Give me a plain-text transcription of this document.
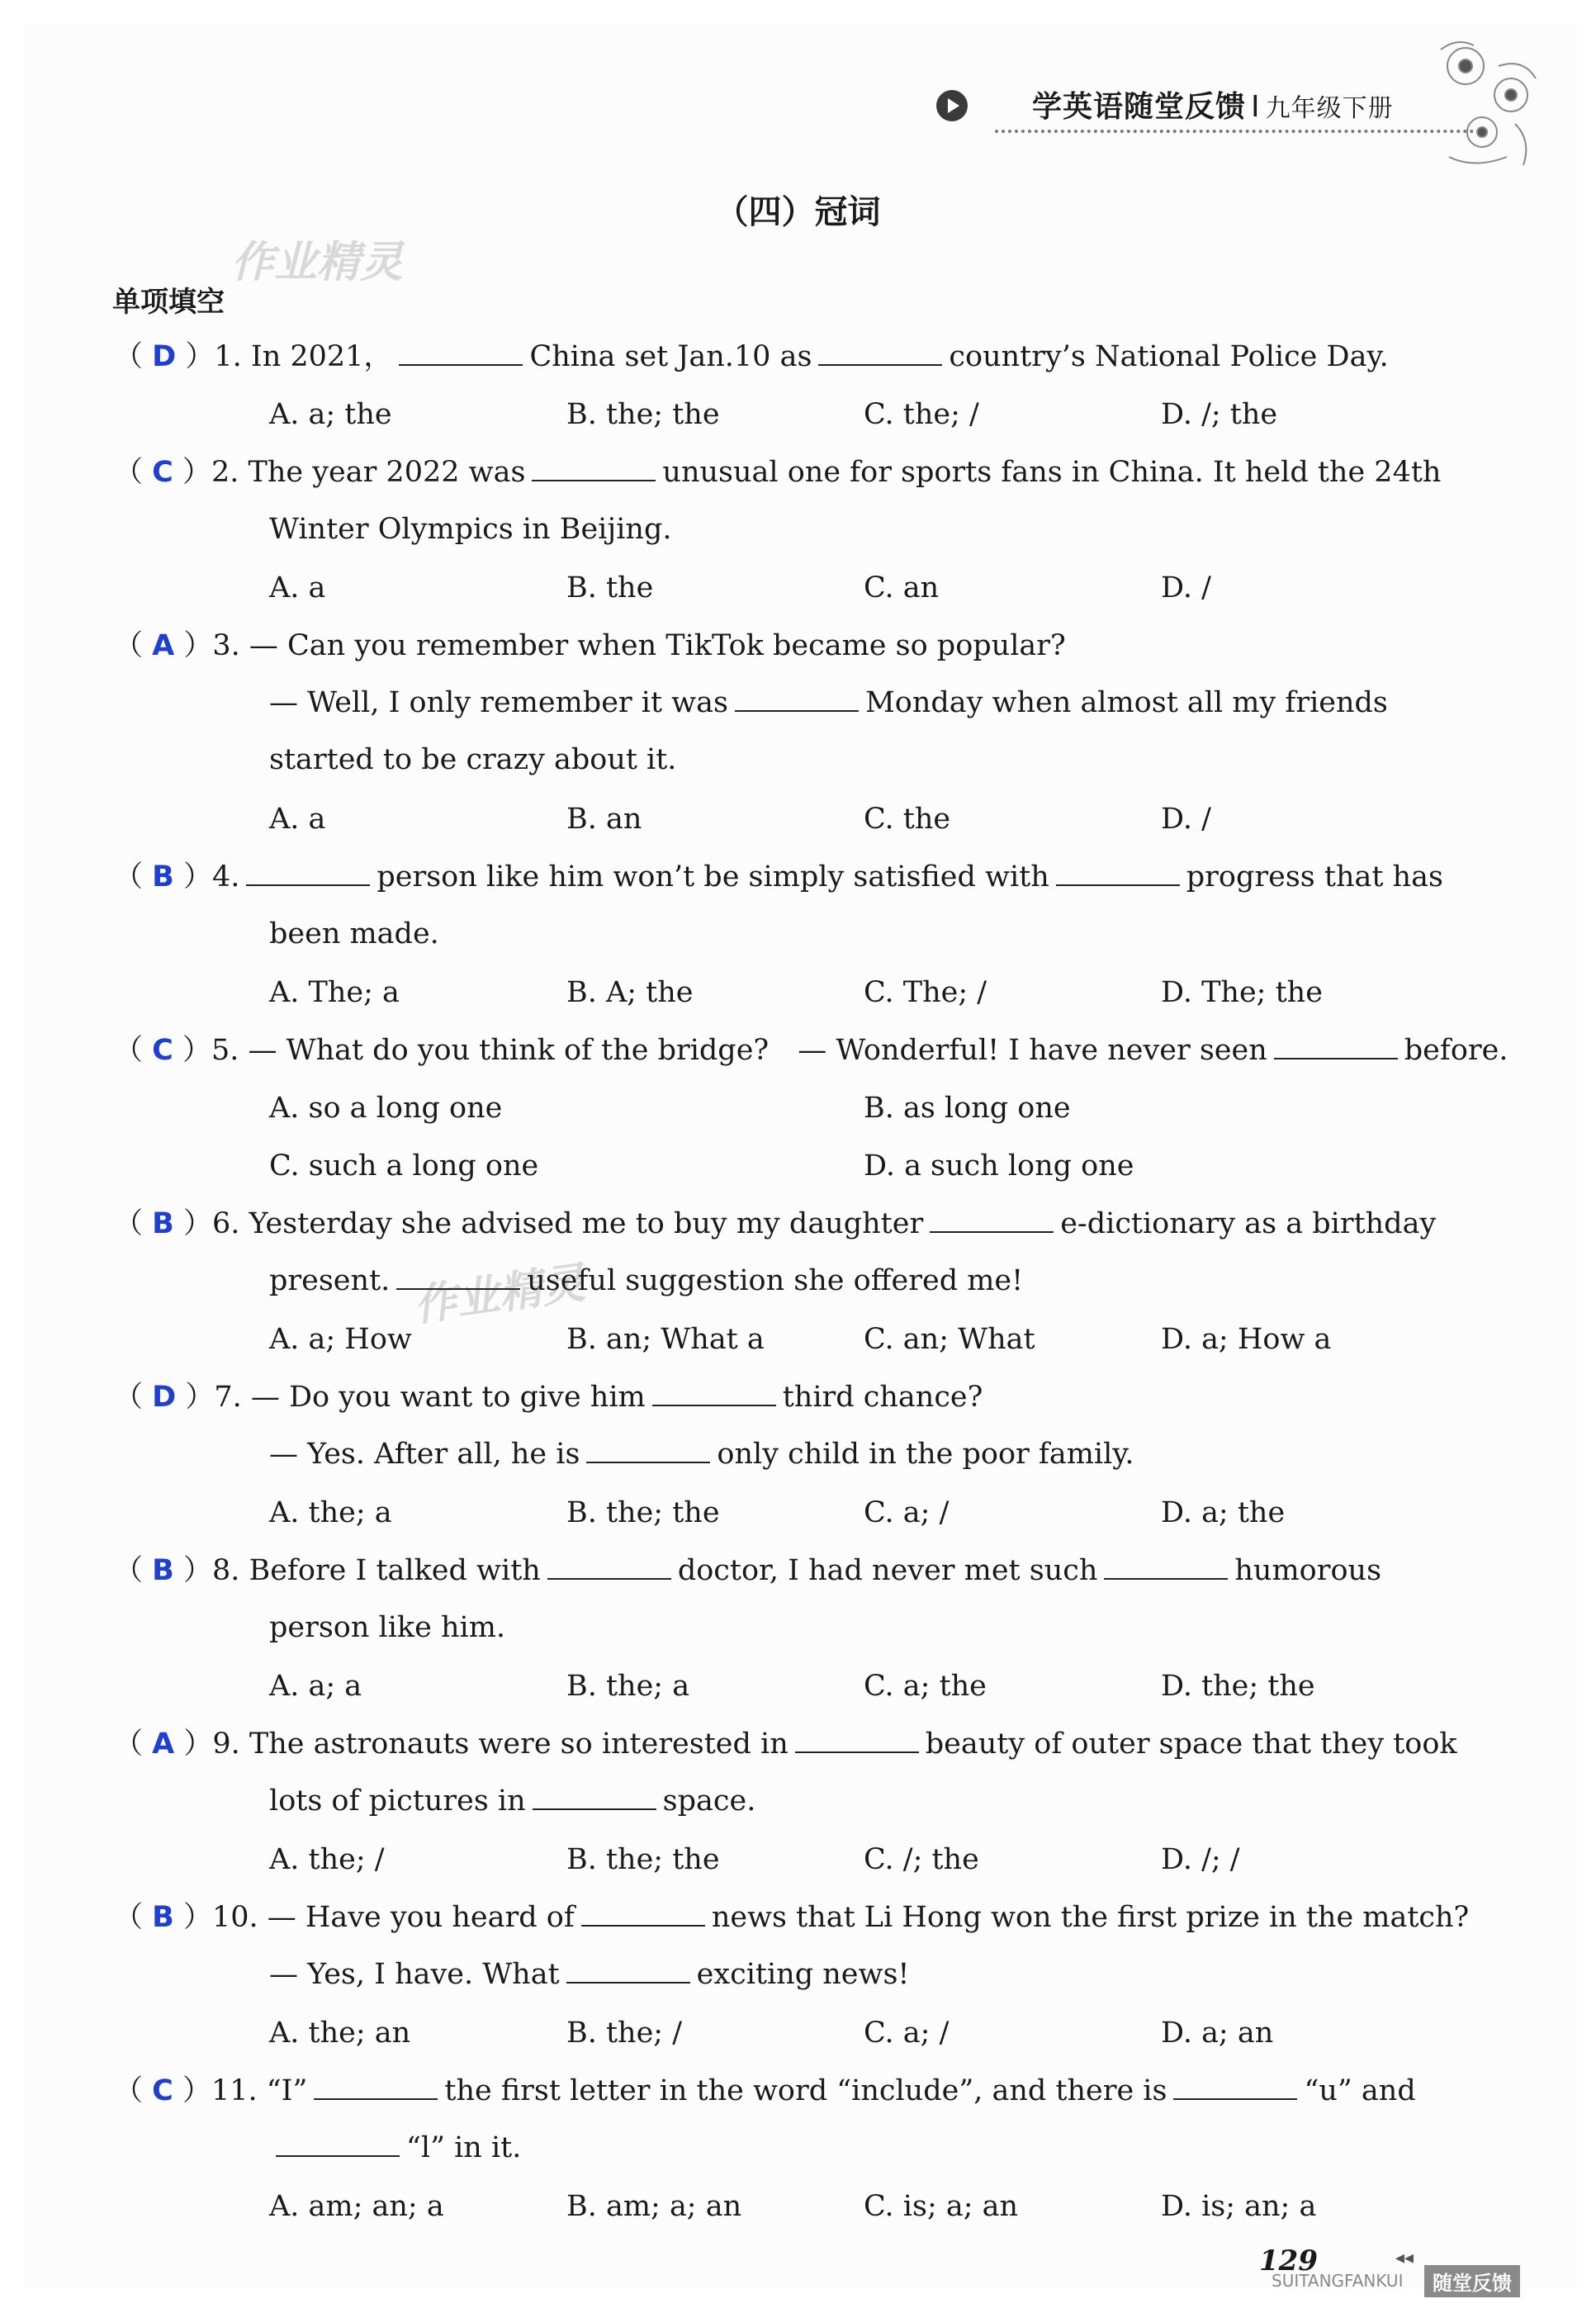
学英语随堂反馈 I 九年级下册
作业精灵
作业精灵
（四）冠词
单项填空
（ D ）1. In 2021，	China set Jan.10 as	country’s National Police Day.
A. a; the	B. the; the	C. the; /	D. /; the
（ C ）2. The year 2022 was	unusual one for sports fans in China. It held the 24th
Winter Olympics in Beijing.
A. a	B. the	C. an	D. /
（ A ）3. — Can you remember when TikTok became so popular?
— Well, I only remember it was	Monday when almost all my friends
started to be crazy about it.
A. a	B. an	C. the	D. /
（ B ）4.	person like him won’t be simply satisfied with	progress that has
been made.
A. The; a	B. A; the	C. The; /	D. The; the
（ C ）5. — What do you think of the bridge?　— Wonderful! I have never seen	before.
A. so a long one	B. as long one
C. such a long one	D. a such long one
（ B ）6. Yesterday she advised me to buy my daughter	e-dictionary as a birthday
present.	useful suggestion she offered me!
A. a; How	B. an; What a	C. an; What	D. a; How a
（ D ）7. — Do you want to give him	third chance?
— Yes. After all, he is	only child in the poor family.
A. the; a	B. the; the	C. a; /	D. a; the
（ B ）8. Before I talked with	doctor, I had never met such	humorous
person like him.
A. a; a	B. the; a	C. a; the	D. the; the
（ A ）9. The astronauts were so interested in	beauty of outer space that they took
lots of pictures in	space.
A. the; /	B. the; the	C. /; the	D. /; /
（ B ）10. — Have you heard of	news that Li Hong won the first prize in the match?
— Yes, I have. What	exciting news!
A. the; an	B. the; /	C. a; /	D. a; an
（ C ）11. “I”	the first letter in the word “include”, and there is	“u” and
“l” in it.
A. am; an; a	B. am; a; an	C. is; a; an	D. is; an; a
129	◂◂
SUITANGFANKUI	随堂反馈
